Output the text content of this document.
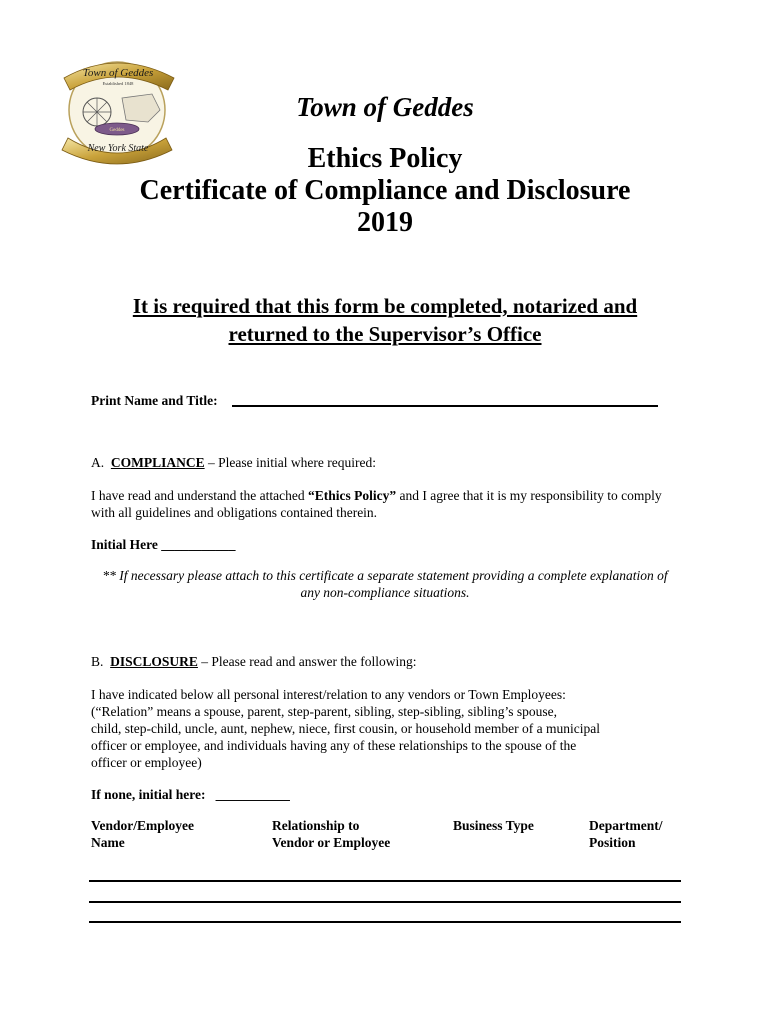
Town of Geddes
Established 1848
Geddes
New York State
Town of Geddes
Ethics Policy
Certificate of Compliance and Disclosure
2019
It is required that this form be completed, notarized and
returned to the Supervisor’s Office
Print Name and Title:
A. COMPLIANCE – Please initial where required:
I have read and understand the attached “Ethics Policy” and I agree that it is my responsibility to comply
with all guidelines and obligations contained therein.
Initial Here ___________
** If necessary please attach to this certificate a separate statement providing a complete explanation of
any non-compliance situations.
B. DISCLOSURE – Please read and answer the following:
I have indicated below all personal interest/relation to any vendors or Town Employees:
(“Relation” means a spouse, parent, step-parent, sibling, step-sibling, sibling’s spouse,
child, step-child, uncle, aunt, nephew, niece, first cousin, or household member of a municipal
officer or employee, and individuals having any of these relationships to the spouse of the
officer or employee)
If none, initial here: ___________
Vendor/Employee
Name
Relationship to
Vendor or Employee
Business Type	Department/
Position
